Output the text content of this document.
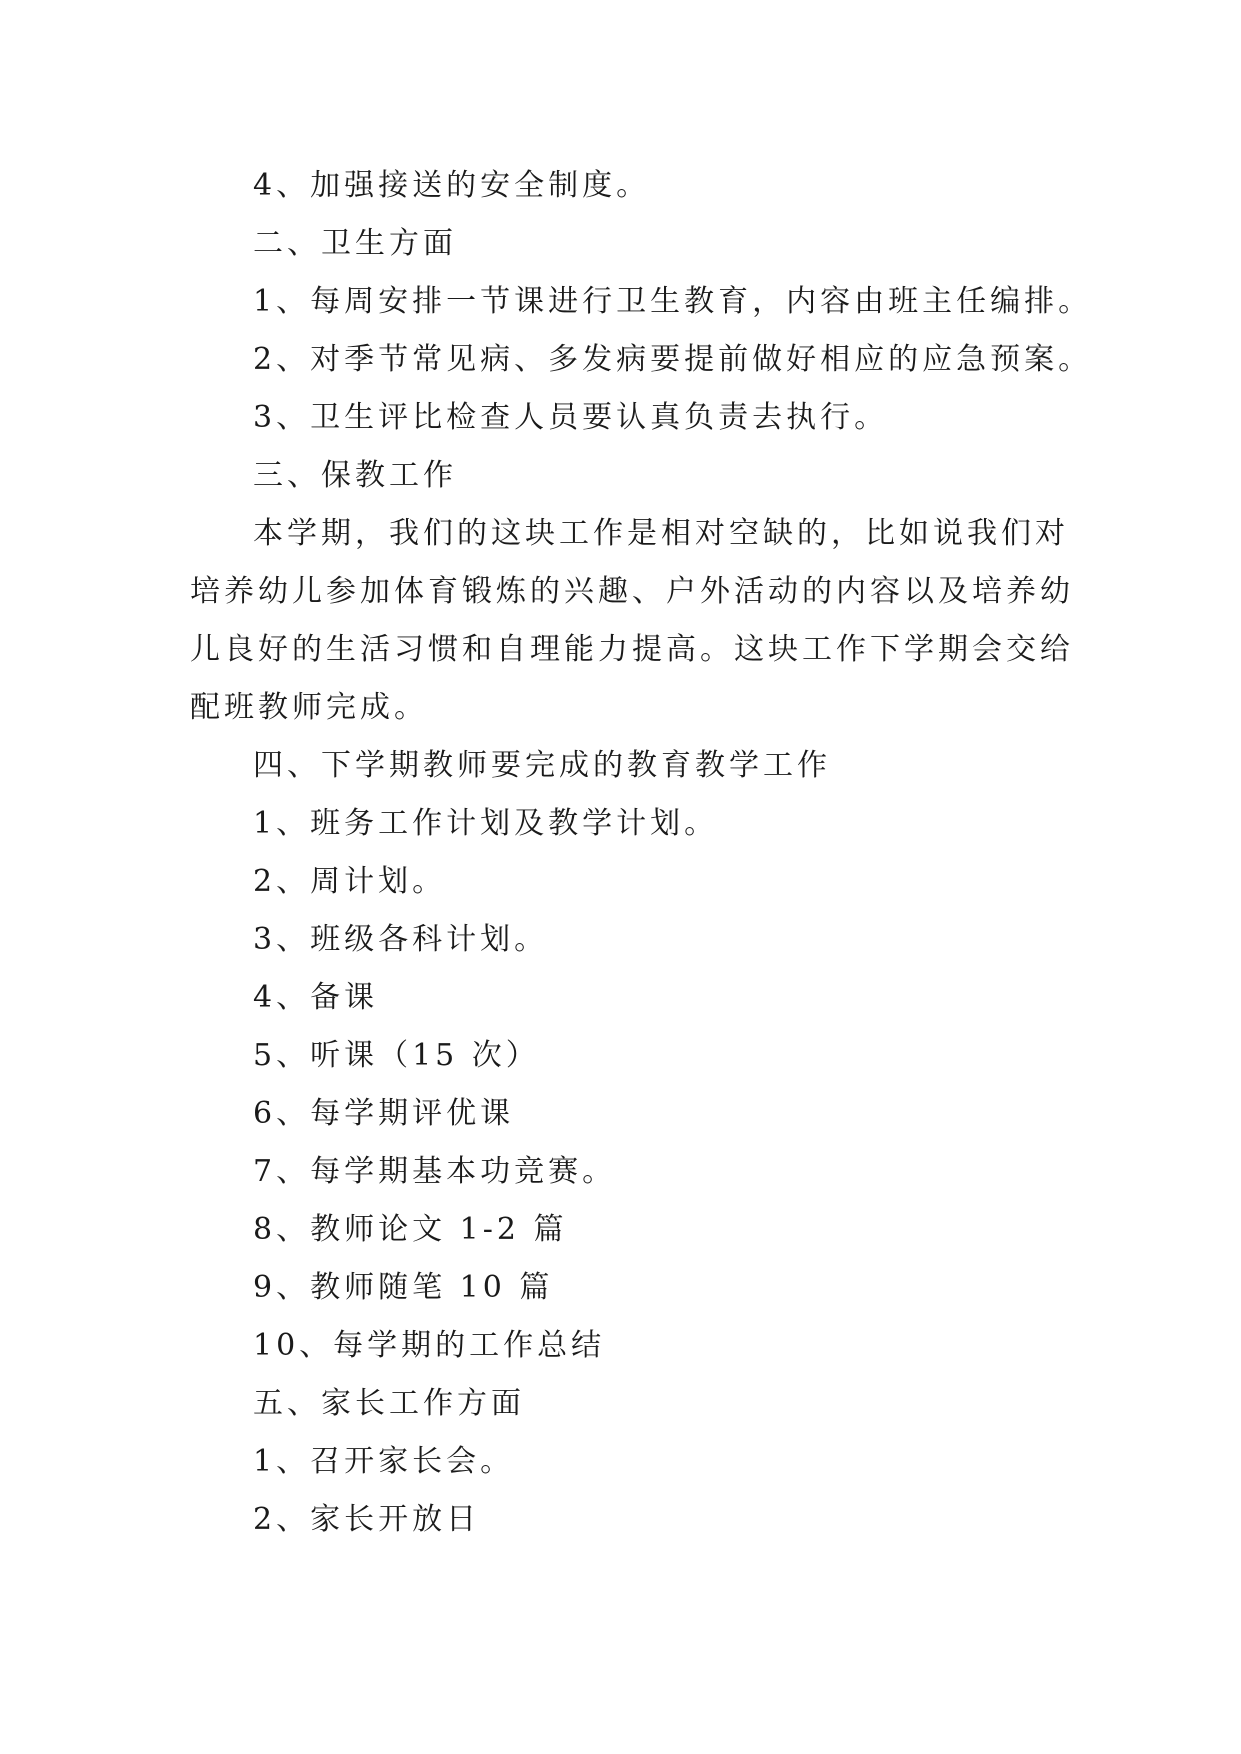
4、加强接送的安全制度。
二、卫生方面
1、每周安排一节课进行卫生教育，内容由班主任编排。
2、对季节常见病、多发病要提前做好相应的应急预案。
3、卫生评比检查人员要认真负责去执行。
三、保教工作
本学期，我们的这块工作是相对空缺的，比如说我们对
培养幼儿参加体育锻炼的兴趣、户外活动的内容以及培养幼
儿良好的生活习惯和自理能力提高。这块工作下学期会交给
配班教师完成。
四、下学期教师要完成的教育教学工作
1、班务工作计划及教学计划。
2、周计划。
3、班级各科计划。
4、备课
5、听课（15 次）
6、每学期评优课
7、每学期基本功竞赛。
8、教师论文 1-2 篇
9、教师随笔 10 篇
10、每学期的工作总结
五、家长工作方面
1、召开家长会。
2、家长开放日
